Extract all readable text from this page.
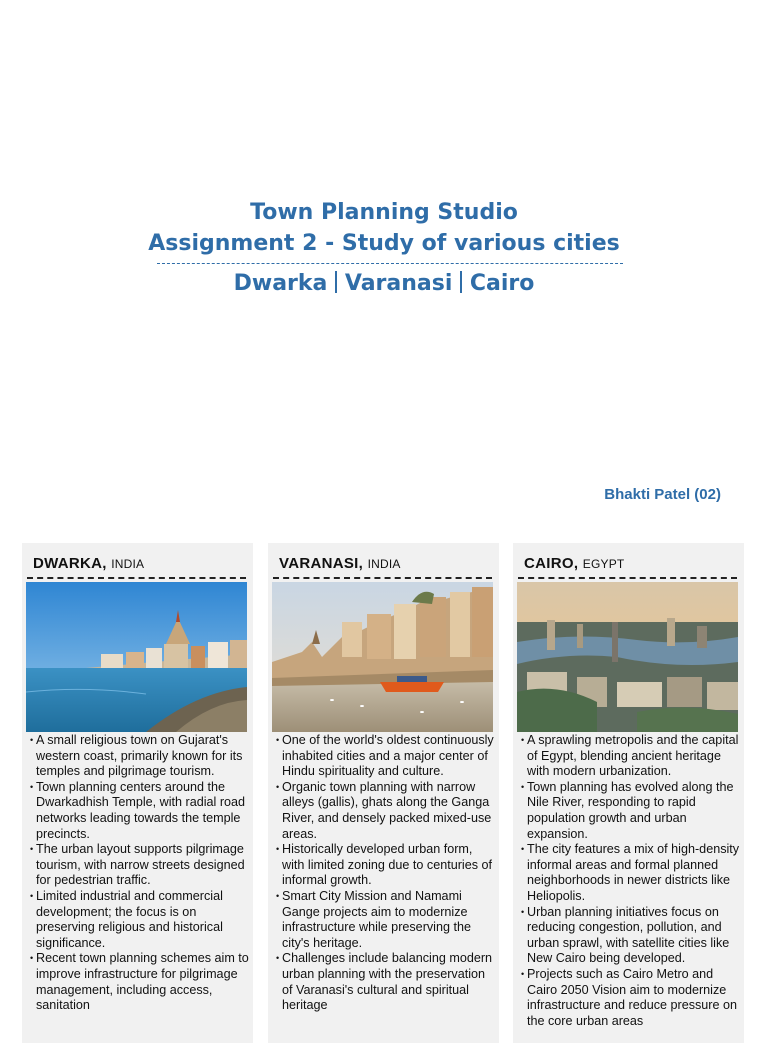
Town Planning Studio
Assignment 2 - Study of various cities
Dwarka Varanasi Cairo
Bhakti Patel (02)
DWARKA, INDIA
• A small religious town on Gujarat's western coast, primarily known for its temples and pilgrimage tourism.
• Town planning centers around the Dwarkadhish Temple, with radial road networks leading towards the temple precincts.
• The urban layout supports pilgrimage tourism, with narrow streets designed for pedestrian traffic.
• Limited industrial and commercial development; the focus is on preserving religious and historical significance.
• Recent town planning schemes aim to improve infrastructure for pilgrimage management, including access, sanitation
VARANASI, INDIA
• One of the world's oldest continuously inhabited cities and a major center of Hindu spirituality and culture.
• Organic town planning with narrow alleys (gallis), ghats along the Ganga River, and densely packed mixed-use areas.
• Historically developed urban form, with limited zoning due to centuries of informal growth.
• Smart City Mission and Namami Gange projects aim to modernize infrastructure while preserving the city's heritage.
• Challenges include balancing modern urban planning with the preservation of Varanasi's cultural and spiritual heritage
CAIRO, EGYPT
• A sprawling metropolis and the capital of Egypt, blending ancient heritage with modern urbanization.
• Town planning has evolved along the Nile River, responding to rapid population growth and urban expansion.
• The city features a mix of high-density informal areas and formal planned neighborhoods in newer districts like Heliopolis.
• Urban planning initiatives focus on reducing congestion, pollution, and urban sprawl, with satellite cities like New Cairo being developed.
• Projects such as Cairo Metro and Cairo 2050 Vision aim to modernize infrastructure and reduce pressure on the core urban areas
